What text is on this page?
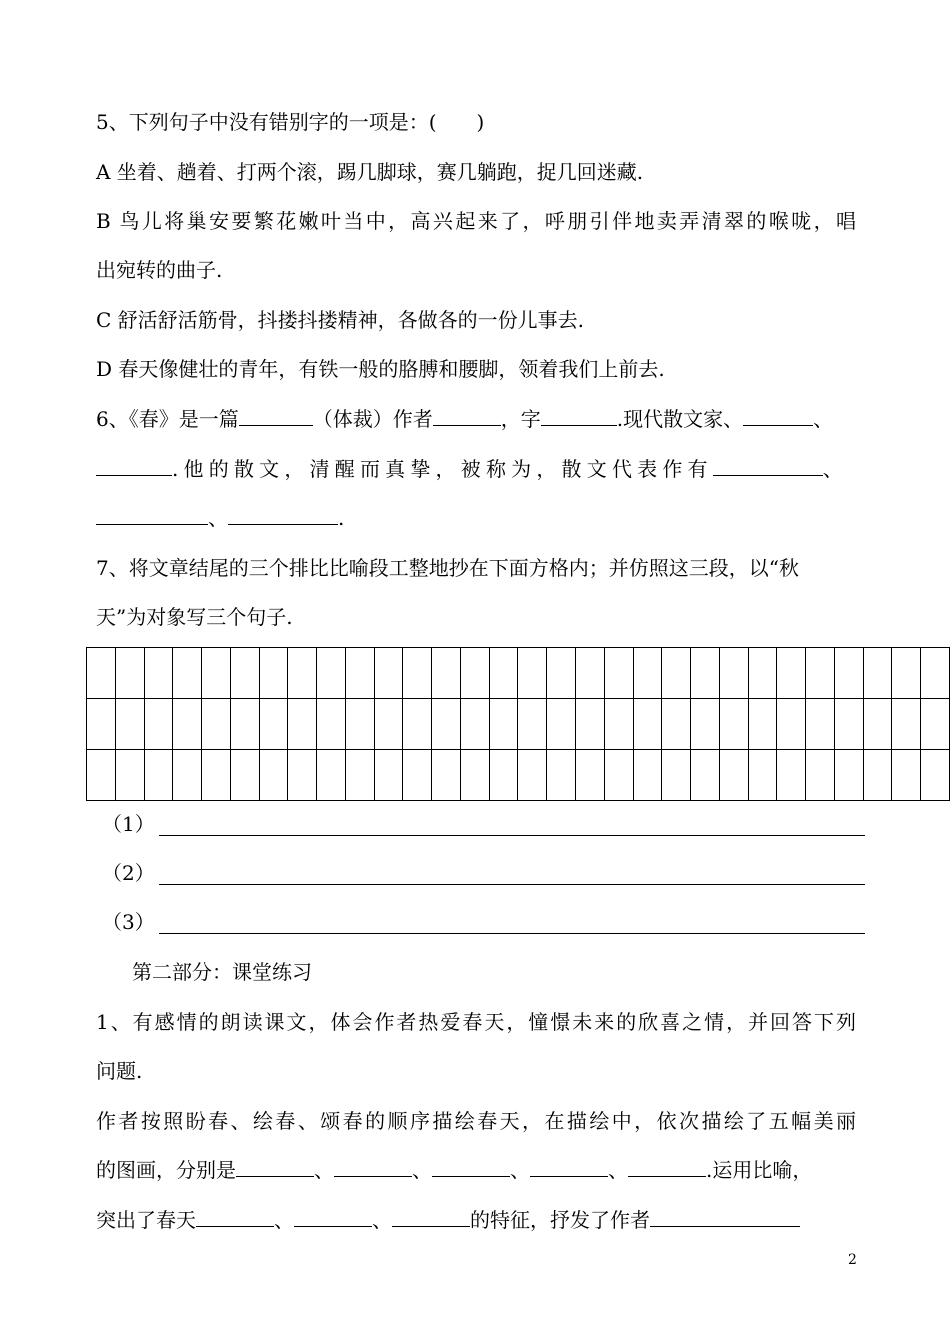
5、下列句子中没有错别字的一项是：(　　)

A 坐着、趟着、打两个滚，踢几脚球，赛几躺跑，捉几回迷藏.

B 鸟儿将巢安要繁花嫩叶当中，高兴起来了，呼朋引伴地卖弄清翠的喉咙，唱

出宛转的曲子.

C 舒活舒活筋骨，抖搂抖搂精神，各做各的一份儿事去.

D 春天像健壮的青年，有铁一般的胳膊和腰脚，领着我们上前去.

6、《春》是一篇	（体裁）作者	，字	.现代散文家、	、
.他的散文，清醒而真挚，被称为，散文代表作有	、
、	.

7、将文章结尾的三个排比比喻段工整地抄在下面方格内；并仿照这三段，以“秋

天”为对象写三个句子.

（1）
（2）
（3）

第二部分：课堂练习

1、有感情的朗读课文，体会作者热爱春天，憧憬未来的欣喜之情，并回答下列

问题.

作者按照盼春、绘春、颂春的顺序描绘春天，在描绘中，依次描绘了五幅美丽

的图画，分别是	、	、	、	、	.运用比喻，
突出了春天	、	、	的特征，抒发了作者
2
